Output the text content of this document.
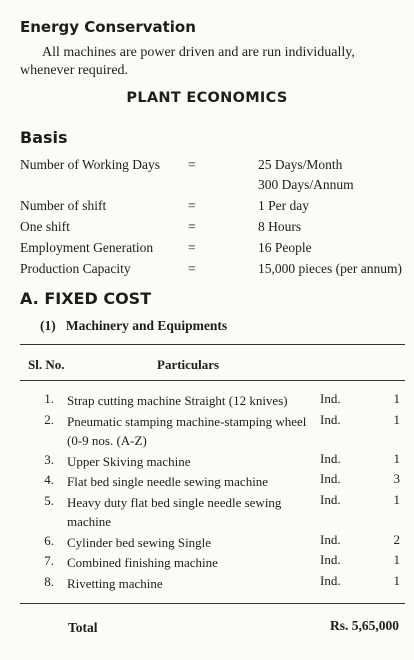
Energy Conservation
All machines are power driven and are run individually, whenever required.
PLANT ECONOMICS
Basis
Number of Working Days =	25 Days/Month
300 Days/Annum
Number of shift	=	1 Per day
One shift	=	8 Hours
Employment Generation	=	16 People
Production Capacity	=	15,000 pieces (per annum)
A. FIXED COST
(1)   Machinery and Equipments
Sl. No.	Particulars
1. Strap cutting machine Straight (12 knives)	Ind.	1
2. Pneumatic stamping machine-stamping wheel (0-9 nos. (A-Z)
Ind.	1
3. Upper Skiving machine	Ind.	1
4. Flat bed single needle sewing machine	Ind.	3
5. Heavy duty flat bed single needle sewing machine
Ind.	1
6. Cylinder bed sewing Single	Ind.	2
7. Combined finishing machine	Ind.	1
8. Rivetting machine	Ind.	1
Total	Rs. 5,65,000
